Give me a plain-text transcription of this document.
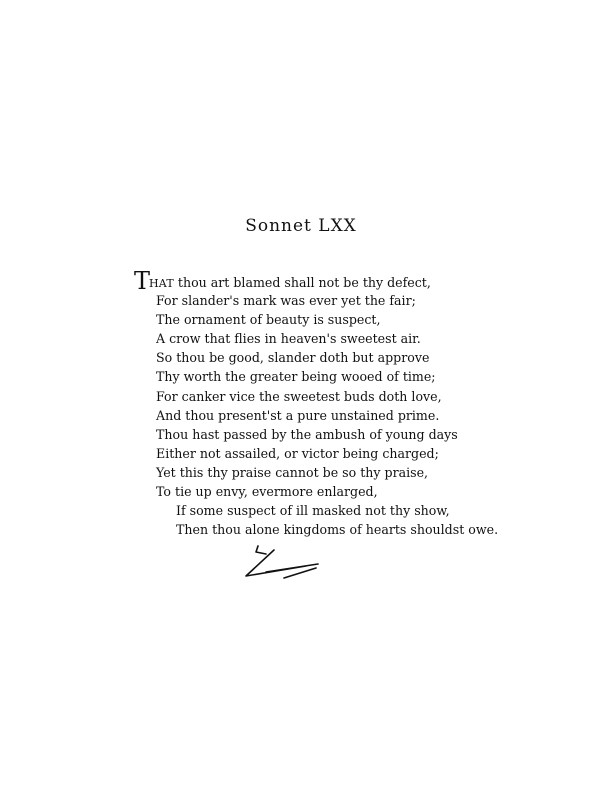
Sonnet LXX
THAT thou art blamed shall not be thy defect,
For slander's mark was ever yet the fair;
The ornament of beauty is suspect,
A crow that flies in heaven's sweetest air.
So thou be good, slander doth but approve
Thy worth the greater being wooed of time;
For canker vice the sweetest buds doth love,
And thou present'st a pure unstained prime.
Thou hast passed by the ambush of young days
Either not assailed, or victor being charged;
Yet this thy praise cannot be so thy praise,
To tie up envy, evermore enlarged,
If some suspect of ill masked not thy show,
Then thou alone kingdoms of hearts shouldst owe.
